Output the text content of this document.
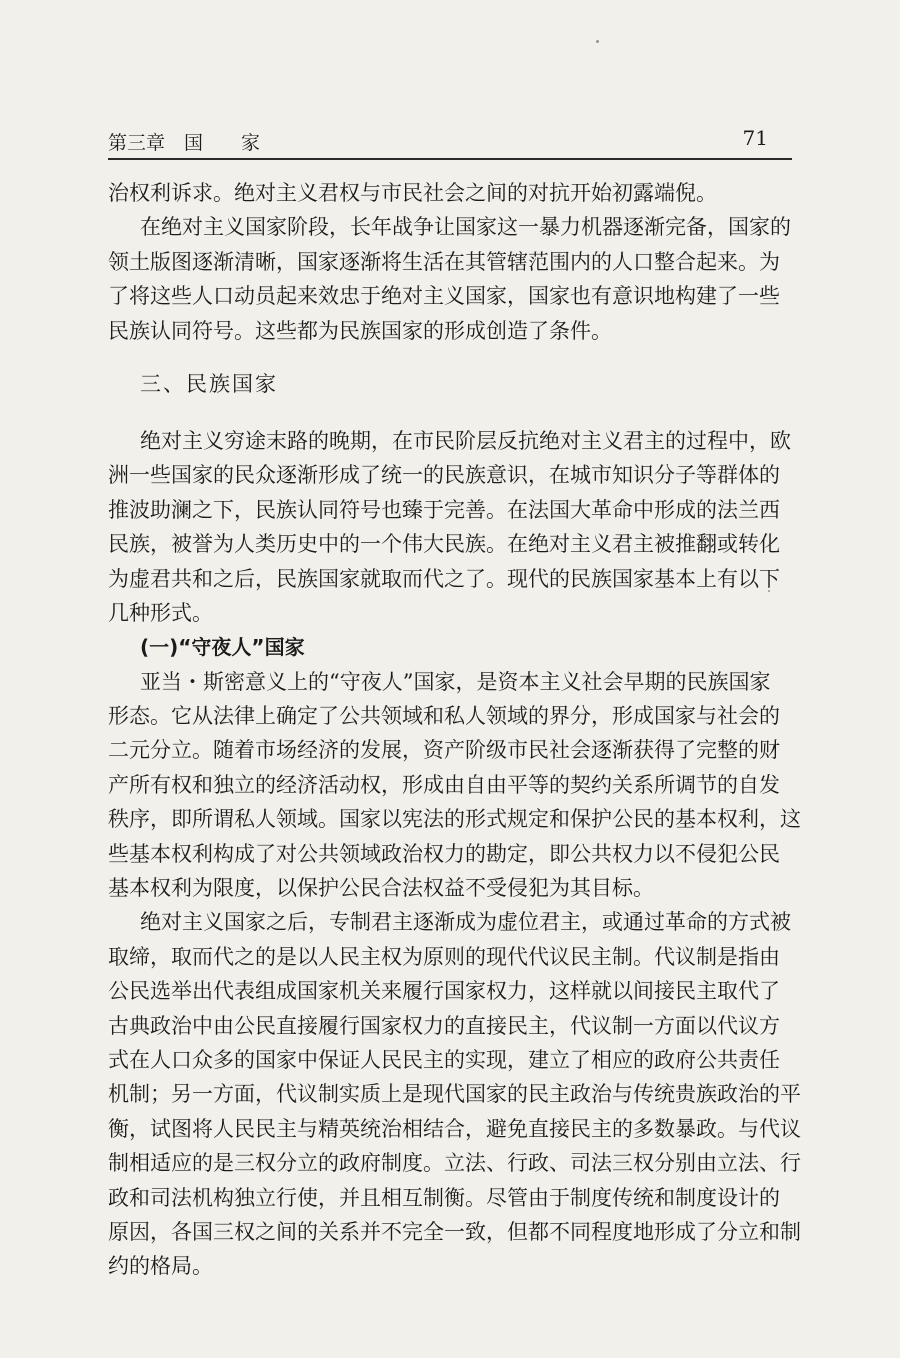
第三章　国　　家	71
治权利诉求。绝对主义君权与市民社会之间的对抗开始初露端倪。
在绝对主义国家阶段，长年战争让国家这一暴力机器逐渐完备，国家的
领土版图逐渐清晰，国家逐渐将生活在其管辖范围内的人口整合起来。为
了将这些人口动员起来效忠于绝对主义国家，国家也有意识地构建了一些
民族认同符号。这些都为民族国家的形成创造了条件。
三、民族国家
绝对主义穷途末路的晚期，在市民阶层反抗绝对主义君主的过程中，欧
洲一些国家的民众逐渐形成了统一的民族意识，在城市知识分子等群体的
推波助澜之下，民族认同符号也臻于完善。在法国大革命中形成的法兰西
民族，被誉为人类历史中的一个伟大民族。在绝对主义君主被推翻或转化
为虚君共和之后，民族国家就取而代之了。现代的民族国家基本上有以下
几种形式。
(一)“守夜人”国家
亚当・斯密意义上的“守夜人”国家，是资本主义社会早期的民族国家
形态。它从法律上确定了公共领域和私人领域的界分，形成国家与社会的
二元分立。随着市场经济的发展，资产阶级市民社会逐渐获得了完整的财
产所有权和独立的经济活动权，形成由自由平等的契约关系所调节的自发
秩序，即所谓私人领域。国家以宪法的形式规定和保护公民的基本权利，这
些基本权利构成了对公共领域政治权力的勘定，即公共权力以不侵犯公民
基本权利为限度，以保护公民合法权益不受侵犯为其目标。
绝对主义国家之后，专制君主逐渐成为虚位君主，或通过革命的方式被
取缔，取而代之的是以人民主权为原则的现代代议民主制。代议制是指由
公民选举出代表组成国家机关来履行国家权力，这样就以间接民主取代了
古典政治中由公民直接履行国家权力的直接民主，代议制一方面以代议方
式在人口众多的国家中保证人民民主的实现，建立了相应的政府公共责任
机制；另一方面，代议制实质上是现代国家的民主政治与传统贵族政治的平
衡，试图将人民民主与精英统治相结合，避免直接民主的多数暴政。与代议
制相适应的是三权分立的政府制度。立法、行政、司法三权分别由立法、行
政和司法机构独立行使，并且相互制衡。尽管由于制度传统和制度设计的
原因，各国三权之间的关系并不完全一致，但都不同程度地形成了分立和制
约的格局。
